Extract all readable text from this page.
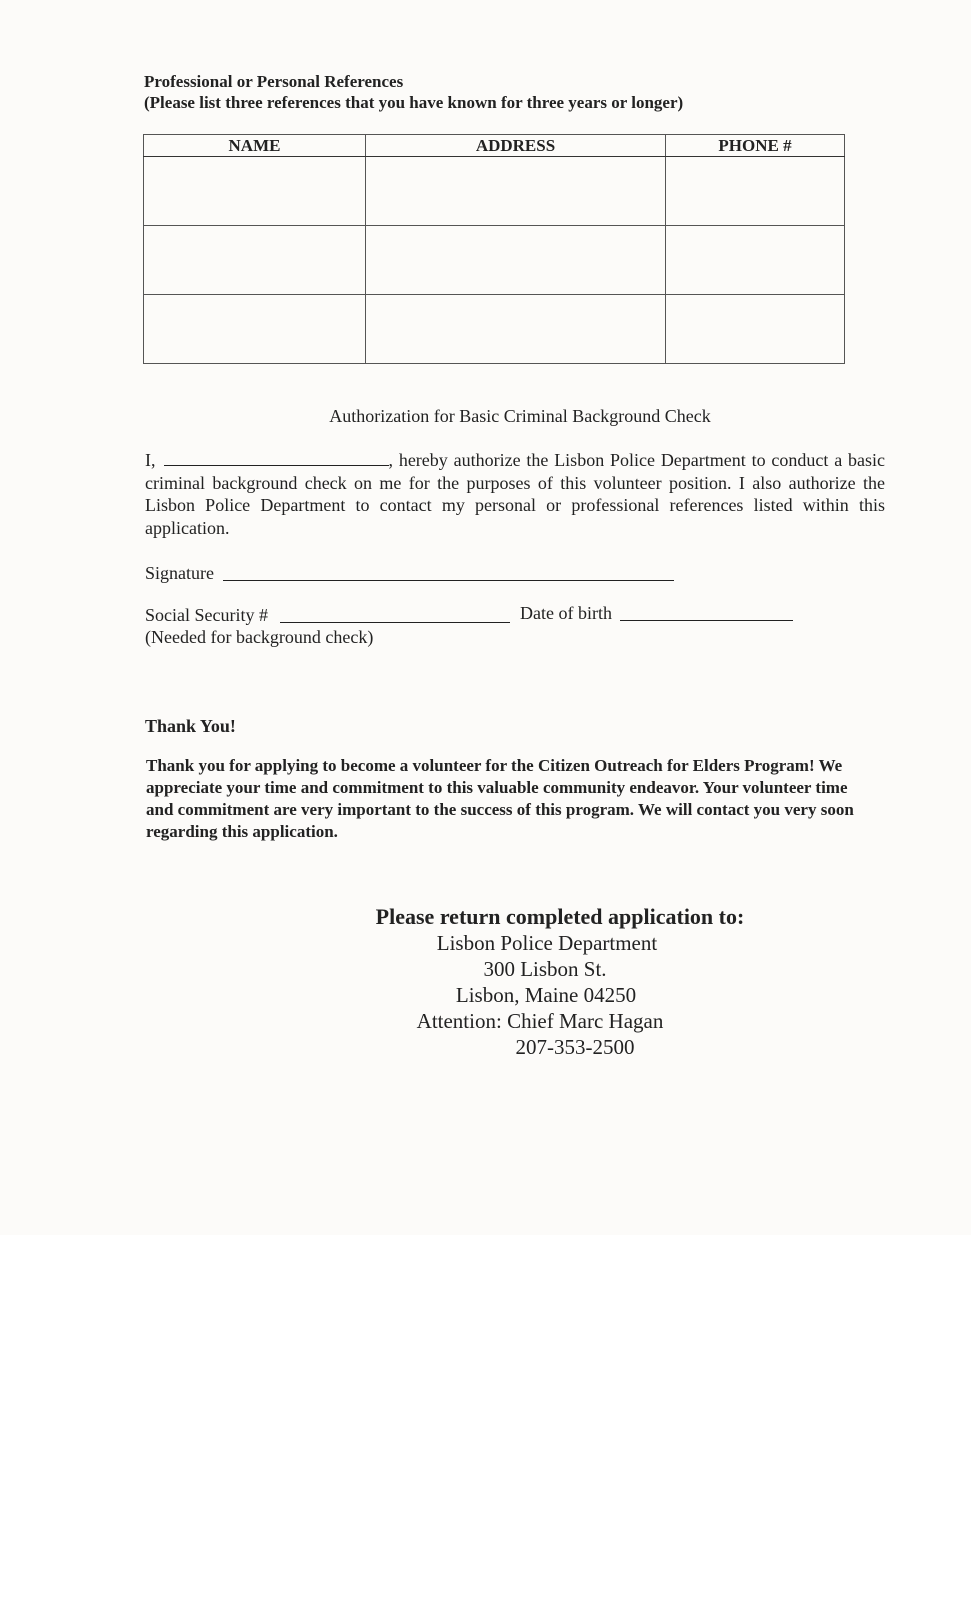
Professional or Personal References
(Please list three references that you have known for three years or longer)
NAME	ADDRESS	PHONE #

Authorization for Basic Criminal Background Check
I,	, hereby authorize the Lisbon Police Department to conduct a basic criminal background check on me for the purposes of this volunteer position. I also authorize the Lisbon Police Department to contact my personal or professional references listed within this application.
Signature
Social Security #	Date of birth
(Needed for background check)
Thank You!
Thank you for applying to become a volunteer for the Citizen Outreach for Elders Program! We appreciate your time and commitment to this valuable community endeavor. Your volunteer time and commitment are very important to the success of this program. We will contact you very soon regarding this application.
Please return completed application to:
Lisbon Police Department
300 Lisbon St.
Lisbon, Maine 04250
Attention: Chief Marc Hagan
207-353-2500
